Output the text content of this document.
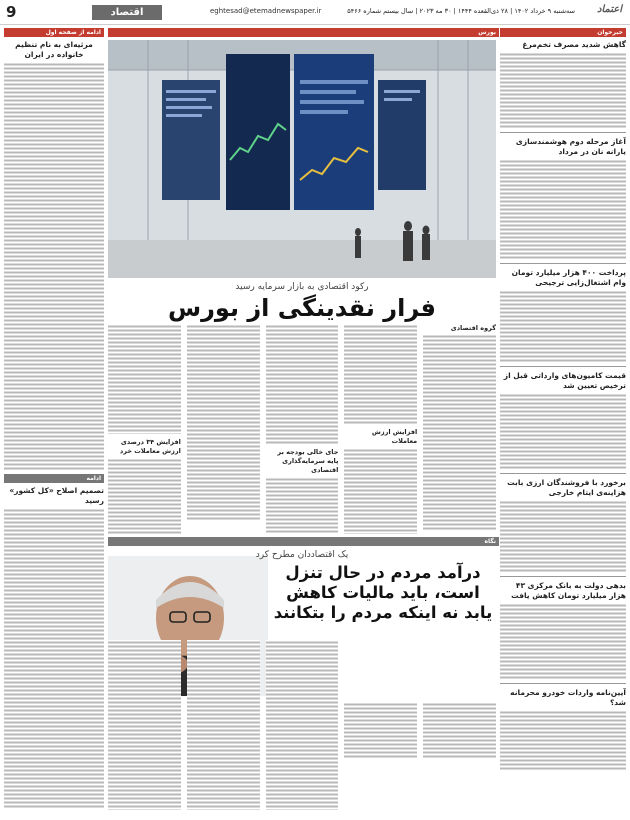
9	اقتصاد	eghtesad@etemadnewspaper.ir	سه‌شنبه ۹ خرداد ۱۴۰۲ | ۲۸ ذی‌القعده ۱۴۴۴ | ۳۰ مه ۲۰۲۳ | سال بیستم شماره ۵۴۶۶	اعتماد
خبرخوان
گاهش شدید مصرف تخم‌مرغ
آغاز مرحله دوم هوشمندسازی یارانه نان در مرداد
پرداخت ۴۰۰ هزار میلیارد تومان وام اشتغال‌زایی ترجیحی
قیمت کامیون‌های وارداتی قبل از ترخیص تعیین شد
برخورد با فروشندگان ارزی بابت هزاینه‌ی ایتام خارجی
بدهی دولت به بانک مرکزی ۴۳ هزار میلیارد تومان کاهش یافت
آیین‌نامه واردات خودرو محرمانه شد؟
ادامه از صفحه اول
مرثیه‌ای به نام تنظیم خانواده در ایران
ادامه
تصمیم اصلاح «کل کشور» رسید
بورس
رکود اقتصادی به بازار سرمایه رسید
فرار نقدینگی از بورس
گروه اقتصادی
افزایش ارزش معاملات
جای خالی بودجه بر پایه سرمایه‌گذاری اقتصادی
افزایش ۳۴ درصدی ارزش معاملات خرد
نگاه
یک اقتصاددان مطرح کرد
درآمد مردم در حال تنزل است، باید مالیات کاهش یابد نه اینکه مردم را بتکانند
